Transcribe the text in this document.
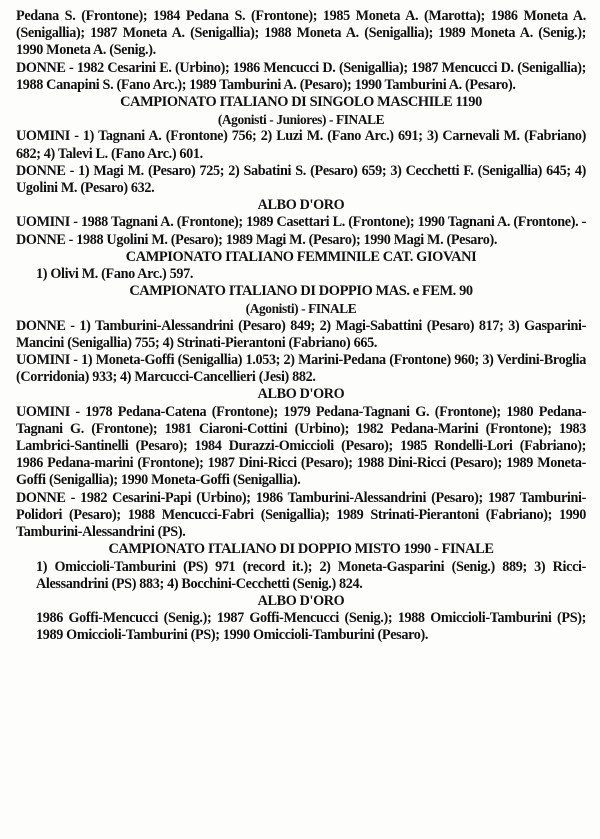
Pedana S. (Frontone); 1984 Pedana S. (Frontone); 1985 Moneta A. (Marotta); 1986 Moneta A. (Senigallia); 1987 Moneta A. (Senigallia); 1988 Moneta A. (Senigallia); 1989 Moneta A. (Senig.); 1990 Moneta A. (Senig.).

DONNE - 1982 Cesarini E. (Urbino); 1986 Mencucci D. (Senigallia); 1987 Mencucci D. (Senigallia); 1988 Canapini S. (Fano Arc.); 1989 Tamburini A. (Pesaro); 1990 Tamburini A. (Pesaro).

CAMPIONATO ITALIANO DI SINGOLO MASCHILE 1190

(Agonisti - Juniores) - FINALE

UOMINI - 1) Tagnani A. (Frontone) 756; 2) Luzi M. (Fano Arc.) 691; 3) Carnevali M. (Fabriano) 682; 4) Talevi L. (Fano Arc.) 601.

DONNE - 1) Magi M. (Pesaro) 725; 2) Sabatini S. (Pesaro) 659; 3) Cecchetti F. (Senigallia) 645; 4) Ugolini M. (Pesaro) 632.

ALBO D'ORO

UOMINI - 1988 Tagnani A. (Frontone); 1989 Casettari L. (Frontone); 1990 Tagnani A. (Frontone). - DONNE - 1988 Ugolini M. (Pesaro); 1989 Magi M. (Pesaro); 1990 Magi M. (Pesaro).

CAMPIONATO ITALIANO FEMMINILE CAT. GIOVANI

1) Olivi M. (Fano Arc.) 597.

CAMPIONATO ITALIANO DI DOPPIO MAS. e FEM. 90

(Agonisti) - FINALE

DONNE - 1) Tamburini-Alessandrini (Pesaro) 849; 2) Magi-Sabattini (Pesaro) 817; 3) Gasparini-Mancini (Senigallia) 755; 4) Strinati-Pierantoni (Fabriano) 665.

UOMINI - 1) Moneta-Goffi (Senigallia) 1.053; 2) Marini-Pedana (Frontone) 960; 3) Verdini-Broglia (Corridonia) 933; 4) Marcucci-Cancellieri (Jesi) 882.

ALBO D'ORO

UOMINI - 1978 Pedana-Catena (Frontone); 1979 Pedana-Tagnani G. (Frontone); 1980 Pedana-Tagnani G. (Frontone); 1981 Ciaroni-Cottini (Urbino); 1982 Pedana-Marini (Frontone); 1983 Lambrici-Santinelli (Pesaro); 1984 Durazzi-Omiccioli (Pesaro); 1985 Rondelli-Lori (Fabriano); 1986 Pedana-marini (Frontone); 1987 Dini-Ricci (Pesaro); 1988 Dini-Ricci (Pesaro); 1989 Moneta-Goffi (Senigallia); 1990 Moneta-Goffi (Senigallia).

DONNE - 1982 Cesarini-Papi (Urbino); 1986 Tamburini-Alessandrini (Pesaro); 1987 Tamburini-Polidori (Pesaro); 1988 Mencucci-Fabri (Senigallia); 1989 Strinati-Pierantoni (Fabriano); 1990 Tamburini-Alessandrini (PS).

CAMPIONATO ITALIANO DI DOPPIO MISTO 1990 - FINALE

1) Omiccioli-Tamburini (PS) 971 (record it.); 2) Moneta-Gasparini (Senig.) 889; 3) Ricci-Alessandrini (PS) 883; 4) Bocchini-Cecchetti (Senig.) 824.

ALBO D'ORO

1986 Goffi-Mencucci (Senig.); 1987 Goffi-Mencucci (Senig.); 1988 Omiccioli-Tamburini (PS); 1989 Omiccioli-Tamburini (PS); 1990 Omiccioli-Tamburini (Pesaro).
